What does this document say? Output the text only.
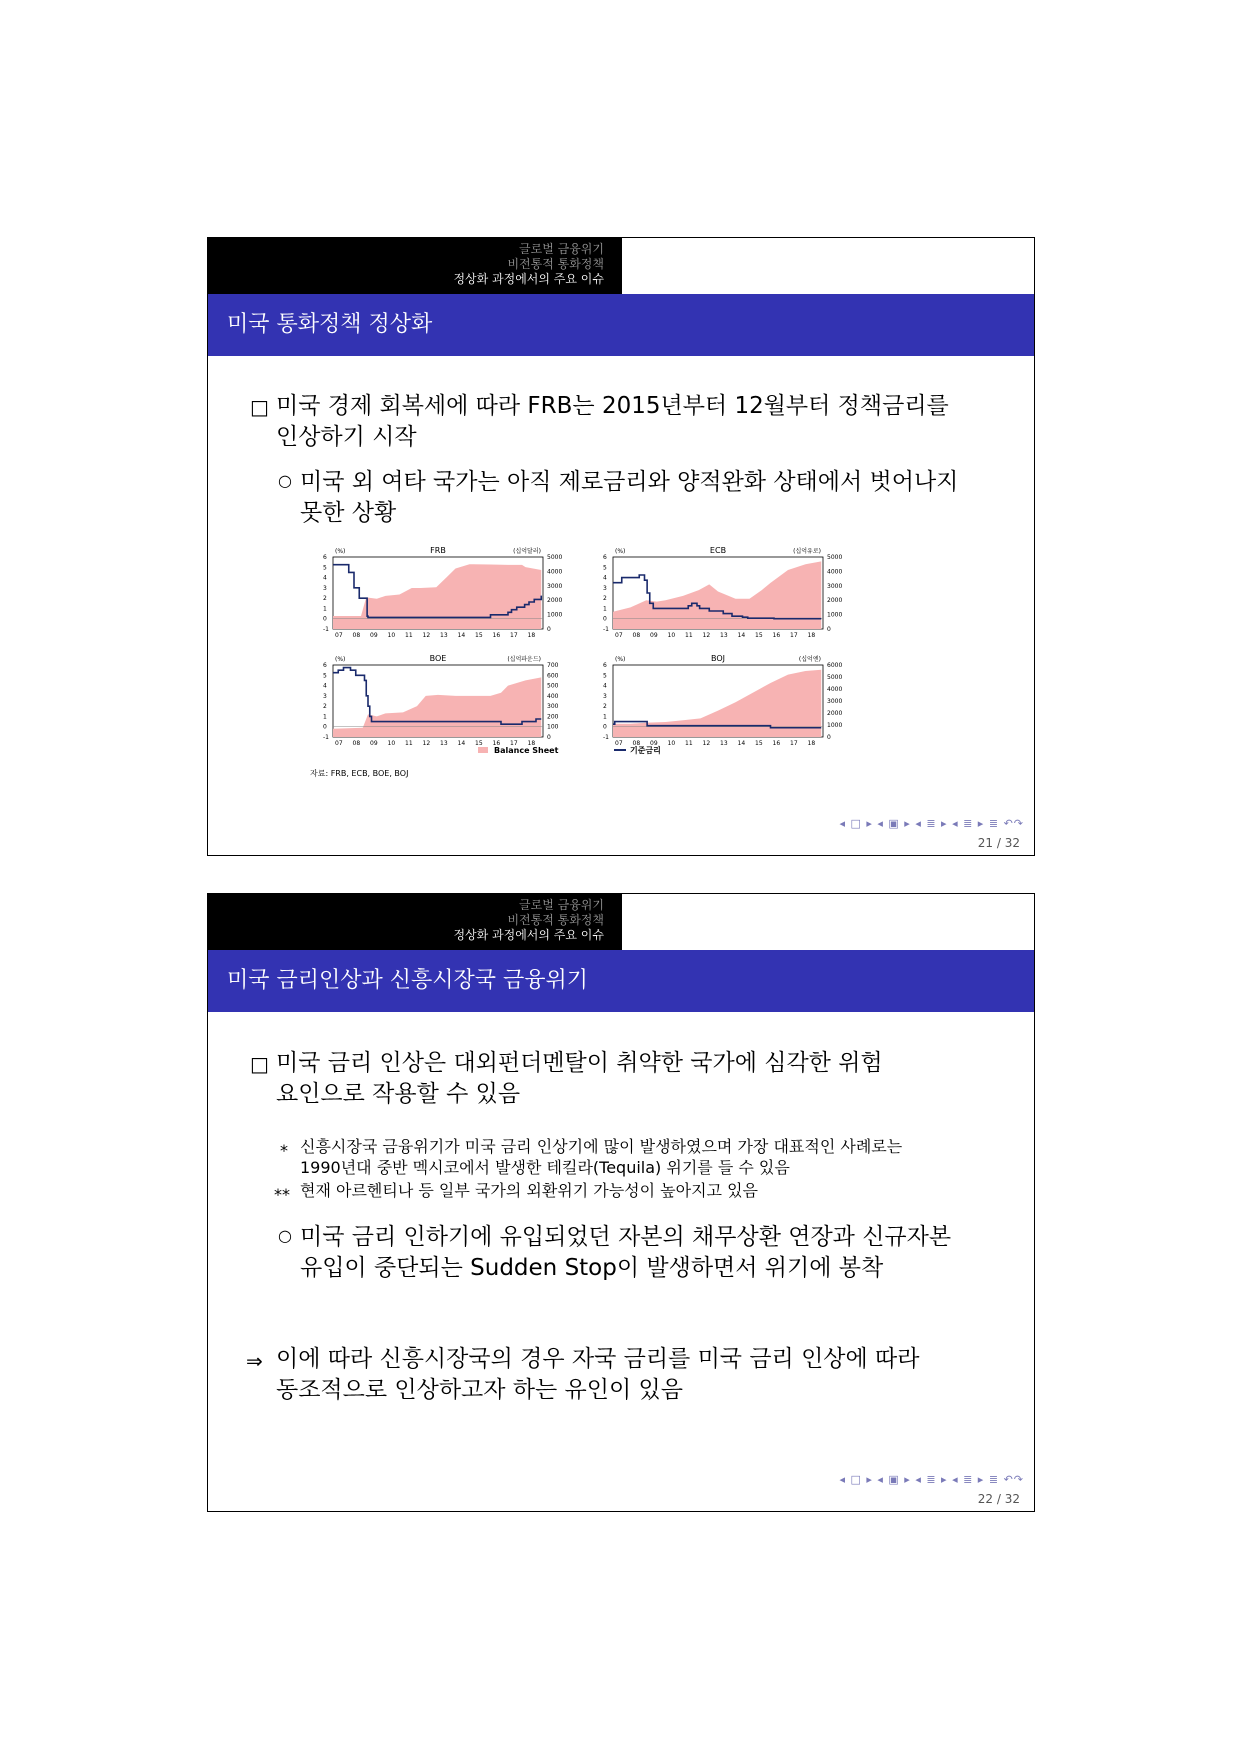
글로벌 금융위기
비전통적 통화정책
정상화 과정에서의 주요 이슈
미국 통화정책 정상화
□ 미국 경제 회복세에 따라 FRB는 2015년부터 12월부터 정책금리를
인상하기 시작
○ 미국 외 여타 국가는 아직 제로금리와 양적완화 상태에서 벗어나지
못한 상황
FRB
(%)	(십억달러)
6
5
4
3
2
1
0
-1
5000
4000
3000
2000
1000
0
07 08 09 10 11 12 13 14 15 16 17 18
ECB
(%)	(십억유로)
6
5
4
3
2
1
0
-1
5000
4000
3000
2000
1000
0
07 08 09 10 11 12 13 14 15 16 17 18
BOE
(%)	(십억파운드)
6
5
4
3
2
1
0
-1
700
600
500
400
300
200
100
0
07 08 09 10 11 12 13 14 15 16 17 18
BOJ
(%)	(십억엔)
6
5
4
3
2
1
0
-1
6000
5000
4000
3000
2000
1000
0
07 08 09 10 11 12 13 14 15 16 17 18
Balance Sheet	기준금리
자료: FRB, ECB, BOE, BOJ
◂ □ ▸ ◂ ▣ ▸ ◂ ≣ ▸ ◂ ≣ ▸ ≣ ↶↷
21 / 32
글로벌 금융위기
비전통적 통화정책
정상화 과정에서의 주요 이슈
미국 금리인상과 신흥시장국 금융위기
□ 미국 금리 인상은 대외펀더멘탈이 취약한 국가에 심각한 위험
요인으로 작용할 수 있음
* 신흥시장국 금융위기가 미국 금리 인상기에 많이 발생하였으며 가장 대표적인 사례로는
1990년대 중반 멕시코에서 발생한 테킬라(Tequila) 위기를 들 수 있음
** 현재 아르헨티나 등 일부 국가의 외환위기 가능성이 높아지고 있음
○ 미국 금리 인하기에 유입되었던 자본의 채무상환 연장과 신규자본
유입이 중단되는 Sudden Stop이 발생하면서 위기에 봉착
⇒ 이에 따라 신흥시장국의 경우 자국 금리를 미국 금리 인상에 따라
동조적으로 인상하고자 하는 유인이 있음
◂ □ ▸ ◂ ▣ ▸ ◂ ≣ ▸ ◂ ≣ ▸ ≣ ↶↷
22 / 32
